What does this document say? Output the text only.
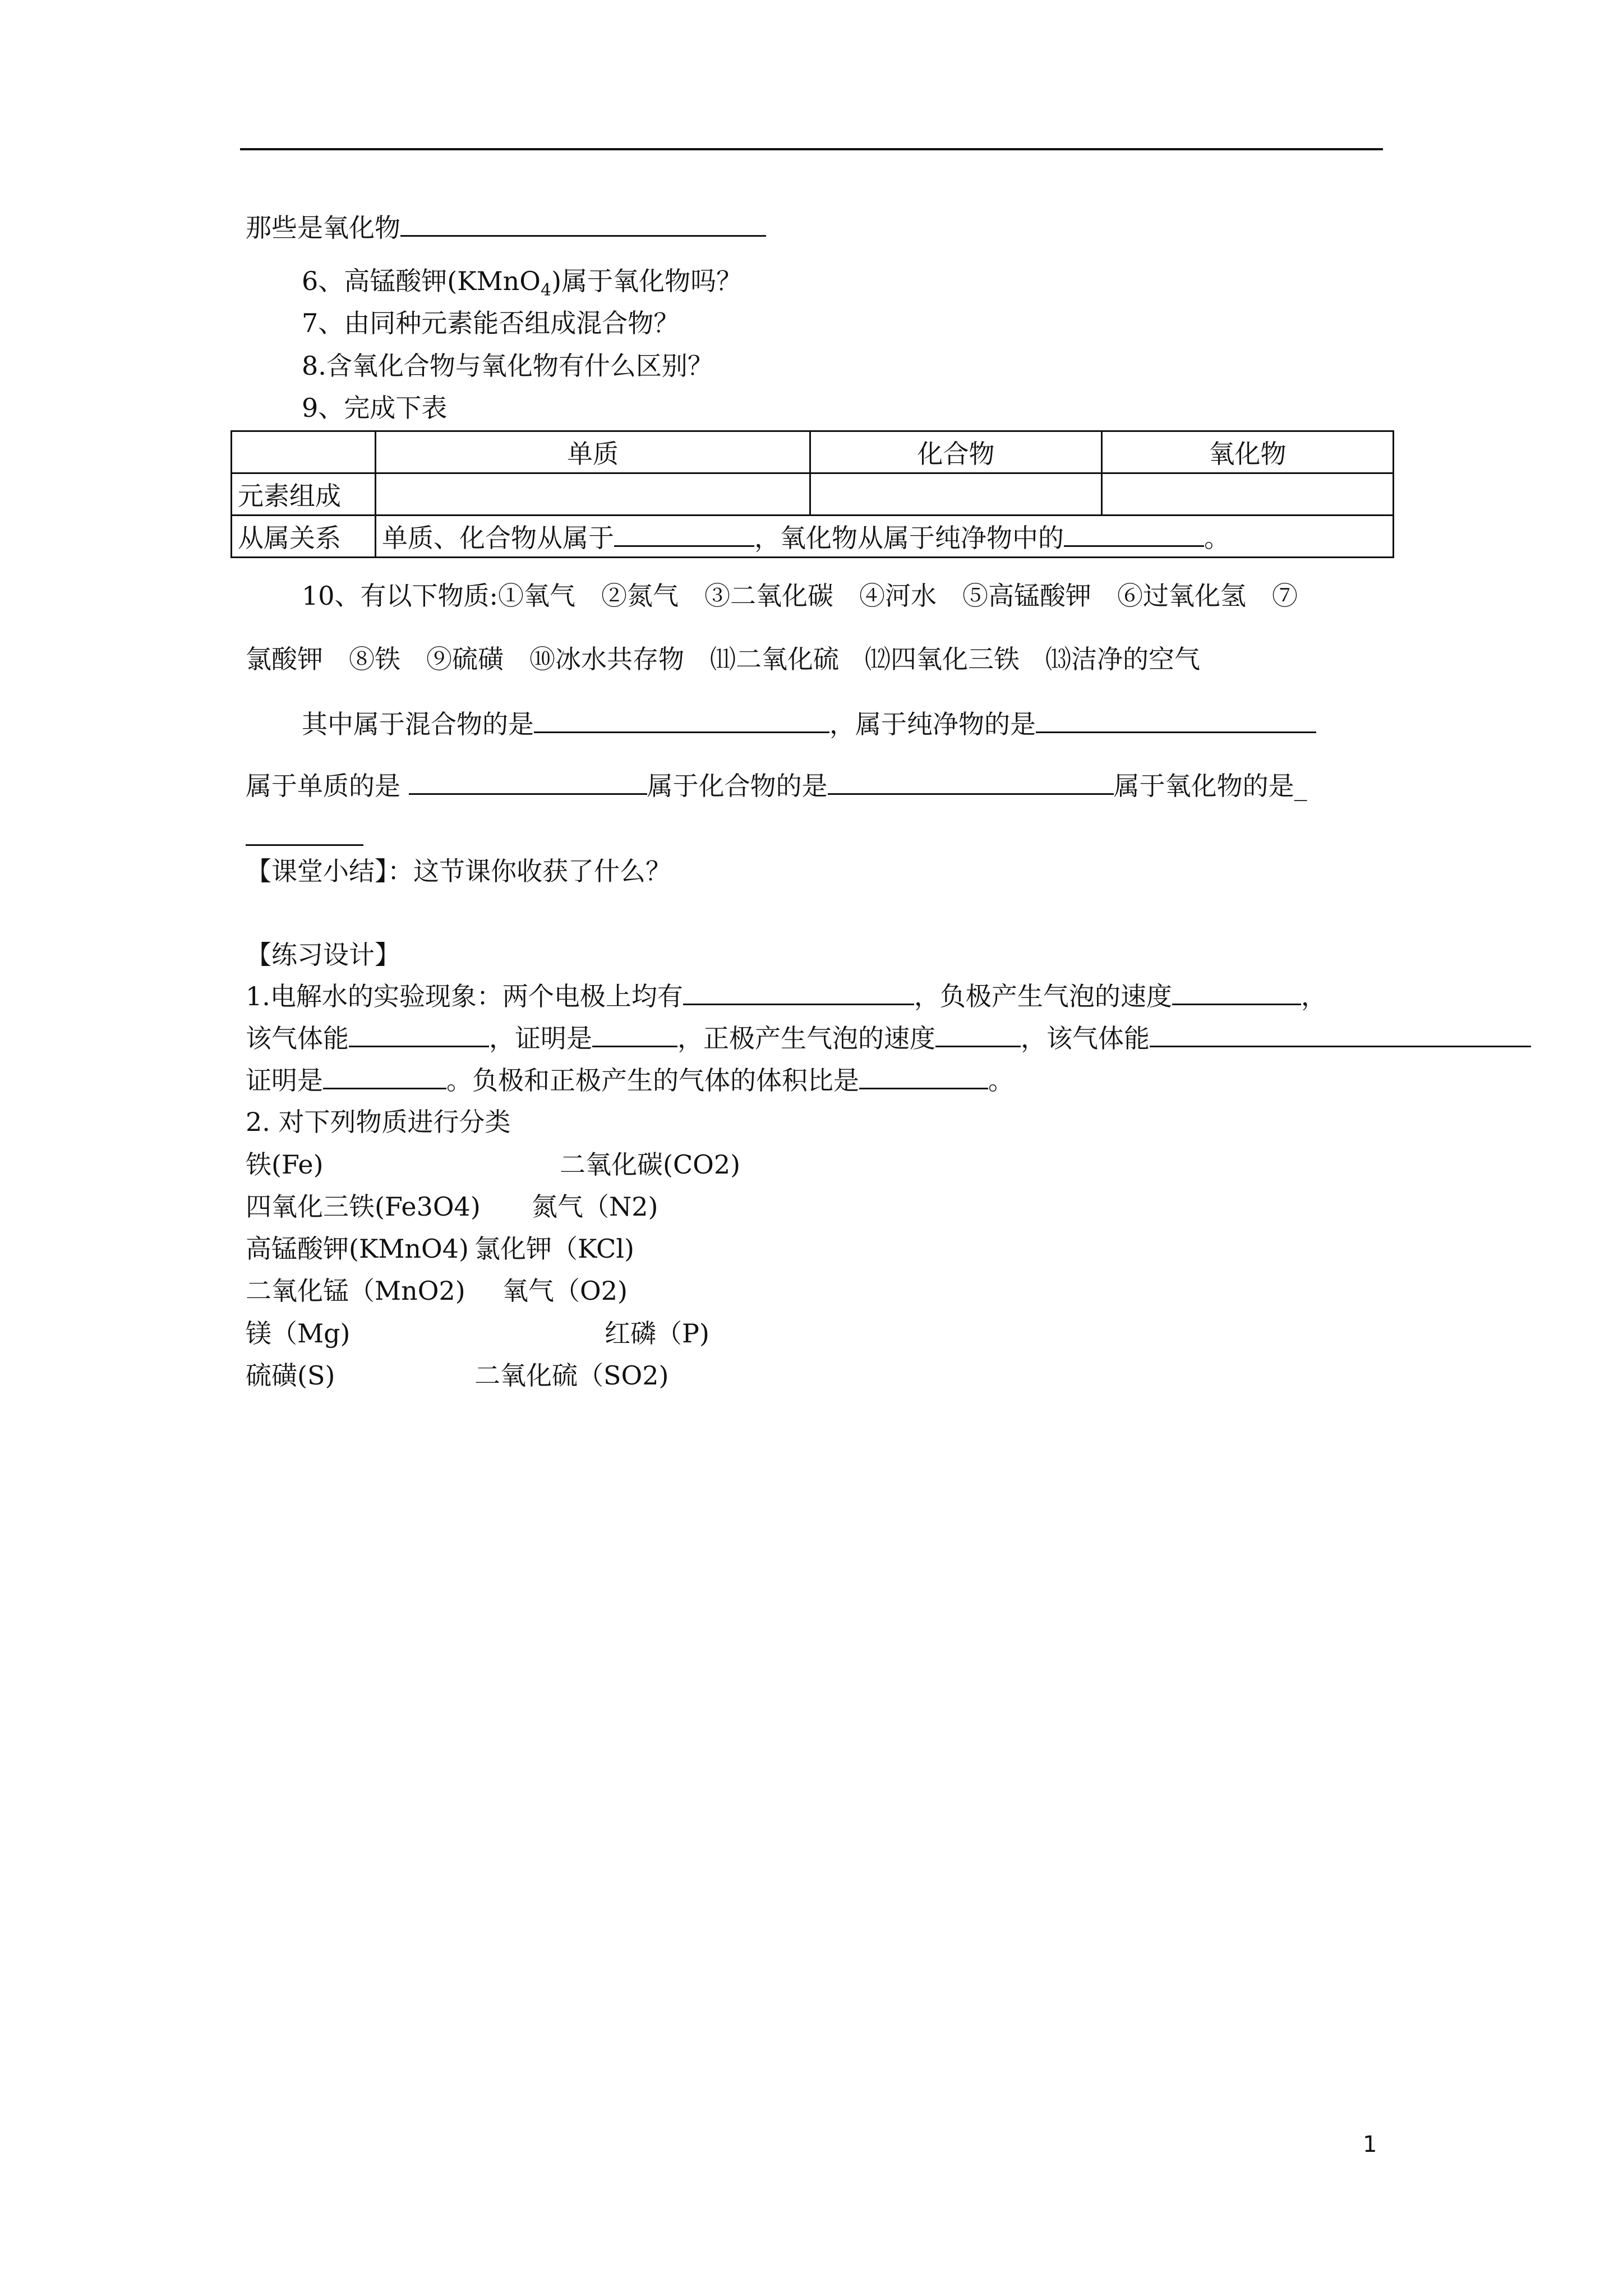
那些是氧化物
6、高锰酸钾(KMnO$_4$)属于氧化物吗？
7、由同种元素能否组成混合物？
8.含氧化合物与氧化物有什么区别？
9、完成下表
	单质	化合物	氧化物
元素组成			
从属关系	单质、化合物从属于 ，氧化物从属于纯净物中的 。		
10、有以下物质:①氧气　②氮气　③二氧化碳　④河水　⑤高锰酸钾　⑥过氧化氢　⑦
氯酸钾　⑧铁　⑨硫磺　⑩冰水共存物　⑾二氧化硫　⑿四氧化三铁　⒀洁净的空气
其中属于混合物的是	，属于纯净物的是
属于单质的是	属于化合物的是	属于氧化物的是_
【课堂小结】：这节课你收获了什么？
【练习设计】
1.电解水的实验现象：两个电极上均有	，负极产生气泡的速度	，
该气体能	，证明是	，正极产生气泡的速度	，该气体能
证明是	。负极和正极产生的气体的体积比是	。
2. 对下列物质进行分类
铁(Fe)	二氧化碳(CO2)
四氧化三铁(Fe3O4) 氮气（N2)
高锰酸钾(KMnO4) 氯化钾（KCl)
二氧化锰（MnO2) 氧气（O2)
镁（Mg)	红磷（P)
硫磺(S)	二氧化硫（SO2)
1
